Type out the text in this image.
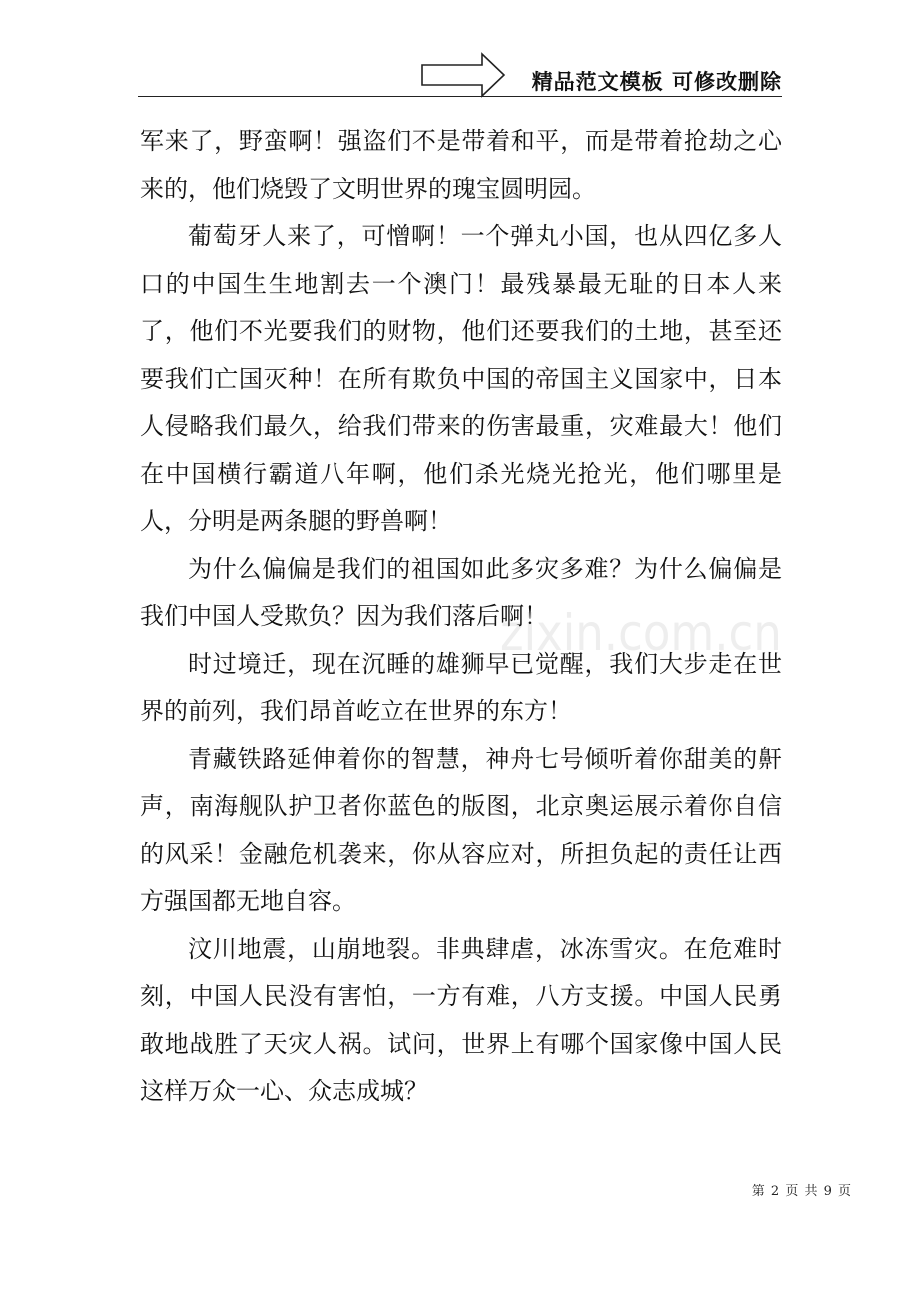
精品范文模板 可修改删除
zixin.com.cn

军来了，野蛮啊！强盗们不是带着和平，而是带着抢劫之心来的，他们烧毁了文明世界的瑰宝圆明园。

葡萄牙人来了，可憎啊！一个弹丸小国，也从四亿多人口的中国生生地割去一个澳门！最残暴最无耻的日本人来了，他们不光要我们的财物，他们还要我们的土地，甚至还要我们亡国灭种！在所有欺负中国的帝国主义国家中，日本人侵略我们最久，给我们带来的伤害最重，灾难最大！他们在中国横行霸道八年啊，他们杀光烧光抢光，他们哪里是人，分明是两条腿的野兽啊！

为什么偏偏是我们的祖国如此多灾多难？为什么偏偏是我们中国人受欺负？因为我们落后啊！

时过境迁，现在沉睡的雄狮早已觉醒，我们大步走在世界的前列，我们昂首屹立在世界的东方！

青藏铁路延伸着你的智慧，神舟七号倾听着你甜美的鼾声，南海舰队护卫者你蓝色的版图，北京奥运展示着你自信的风采！金融危机袭来，你从容应对，所担负起的责任让西方强国都无地自容。

汶川地震，山崩地裂。非典肆虐，冰冻雪灾。在危难时刻，中国人民没有害怕，一方有难，八方支援。中国人民勇敢地战胜了天灾人祸。试问，世界上有哪个国家像中国人民这样万众一心、众志成城？

第 2 页 共 9 页
